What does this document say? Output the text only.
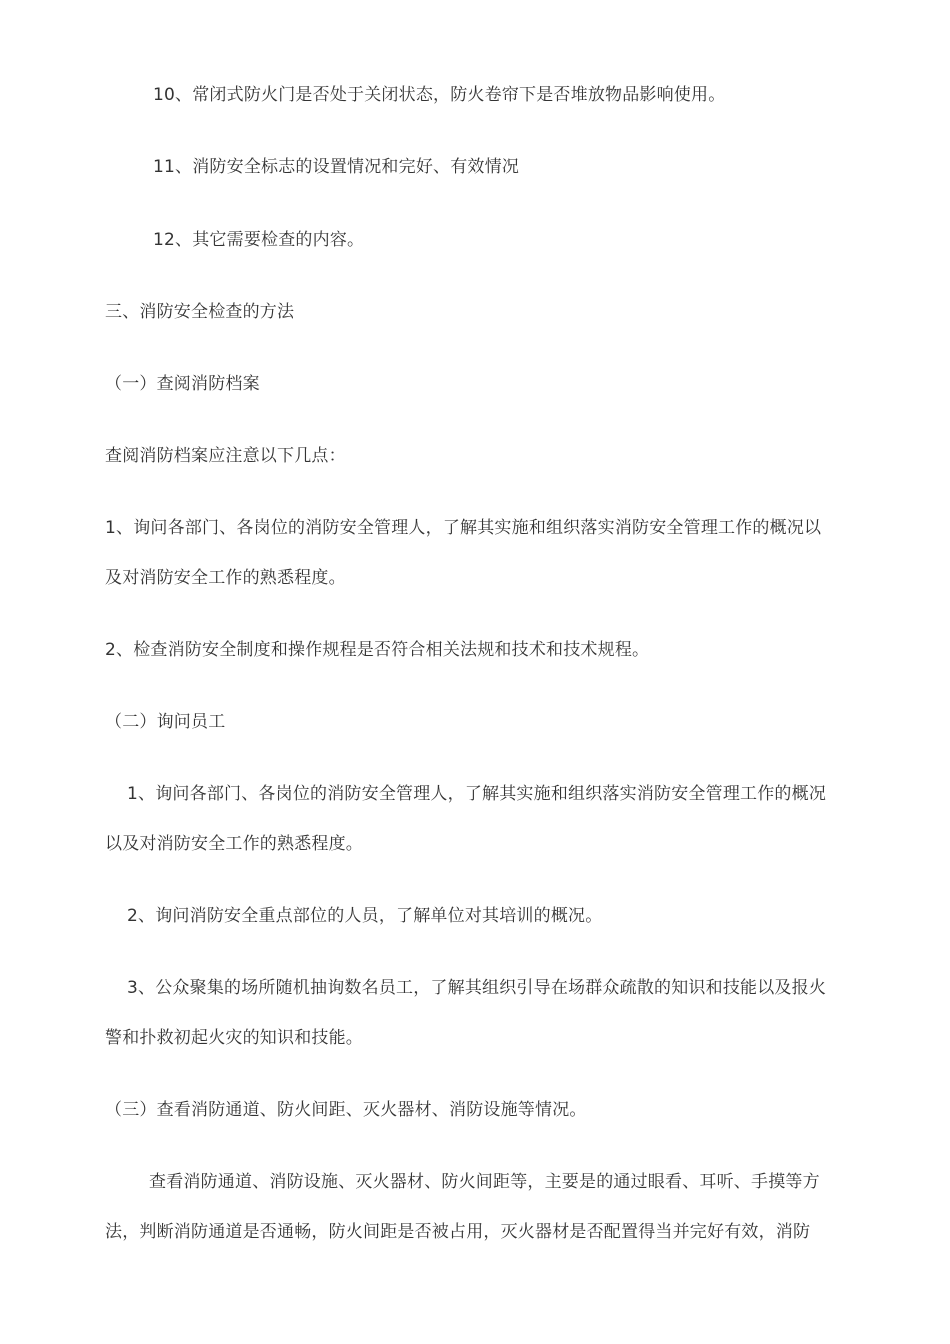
10、常闭式防火门是否处于关闭状态，防火卷帘下是否堆放物品影响使用。
11、消防安全标志的设置情况和完好、有效情况
12、其它需要检查的内容。
三、消防安全检查的方法
（一）查阅消防档案
查阅消防档案应注意以下几点：
1、询问各部门、各岗位的消防安全管理人，了解其实施和组织落实消防安全管理工作的概况以
及对消防安全工作的熟悉程度。
2、检查消防安全制度和操作规程是否符合相关法规和技术和技术规程。
（二）询问员工
1、询问各部门、各岗位的消防安全管理人，了解其实施和组织落实消防安全管理工作的概况
以及对消防安全工作的熟悉程度。
2、询问消防安全重点部位的人员，了解单位对其培训的概况。
3、公众聚集的场所随机抽询数名员工，了解其组织引导在场群众疏散的知识和技能以及报火
警和扑救初起火灾的知识和技能。
（三）查看消防通道、防火间距、灭火器材、消防设施等情况。
查看消防通道、消防设施、灭火器材、防火间距等，主要是的通过眼看、耳听、手摸等方
法，判断消防通道是否通畅，防火间距是否被占用，灭火器材是否配置得当并完好有效，消防
